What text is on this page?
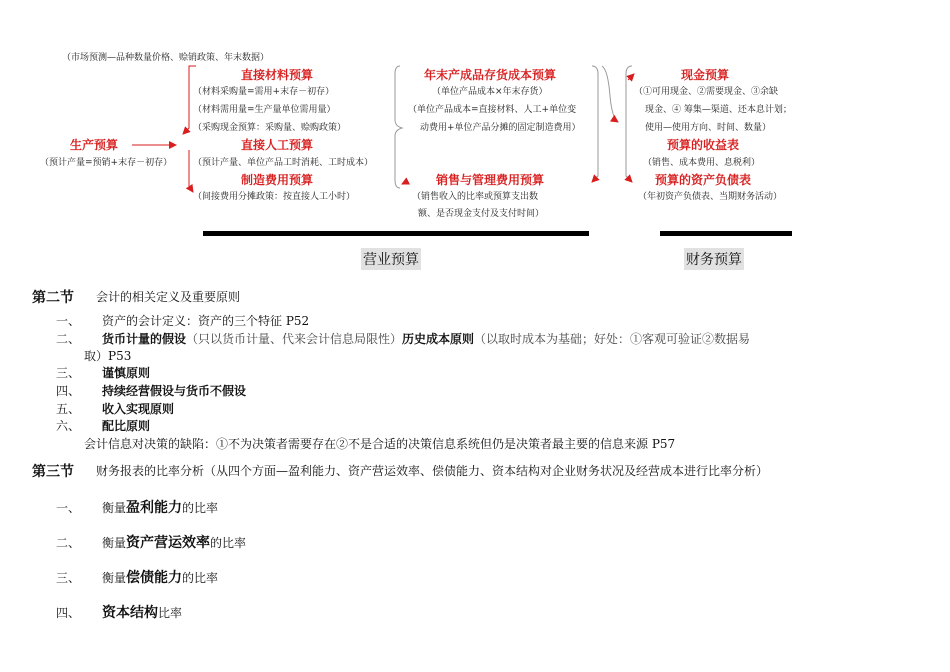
（市场预测—品种数量价格、赊销政策、年末数据）
生产预算
（预计产量=预销+末存－初存）
直接材料预算
（材料采购量=需用+末存－初存）
（材料需用量=生产量单位需用量）
（采购现金预算：采购量、赊购政策）
直接人工预算
（预计产量、单位产品工时消耗、工时成本）
制造费用预算
（间接费用分摊政策：按直接人工小时）
年末产成品存货成本预算
（单位产品成本×年末存货）
（单位产品成本=直接材料、人工+单位变
动费用+单位产品分摊的固定制造费用）
销售与管理费用预算
（销售收入的比率或预算支出数
额、是否现金支付及支付时间）
现金预算
（①可用现金、②需要现金、③余缺
现金、④ 筹集—渠道、还本息计划；
使用—使用方向、时间、数量）
预算的收益表
（销售、成本费用、息税利）
预算的资产负债表
（年初资产负债表、当期财务活动）
营业预算	财务预算
第二节 会计的相关定义及重要原则
一、 资产的会计定义：资产的三个特征 P52
二、 货币计量的假设（只以货币计量、代来会计信息局限性）历史成本原则（以取时成本为基础；好处：①客观可验证②数据易
取）P53
三、 谨慎原则
四、 持续经营假设与货币不假设
五、 收入实现原则
六、 配比原则
会计信息对决策的缺陷：①不为决策者需要存在②不是合适的决策信息系统但仍是决策者最主要的信息来源 P57
第三节 财务报表的比率分析（从四个方面—盈利能力、资产营运效率、偿债能力、资本结构对企业财务状况及经营成本进行比率分析）
一、 衡量盈利能力的比率
二、 衡量资产营运效率的比率
三、 衡量偿债能力的比率
四、 资本结构比率
